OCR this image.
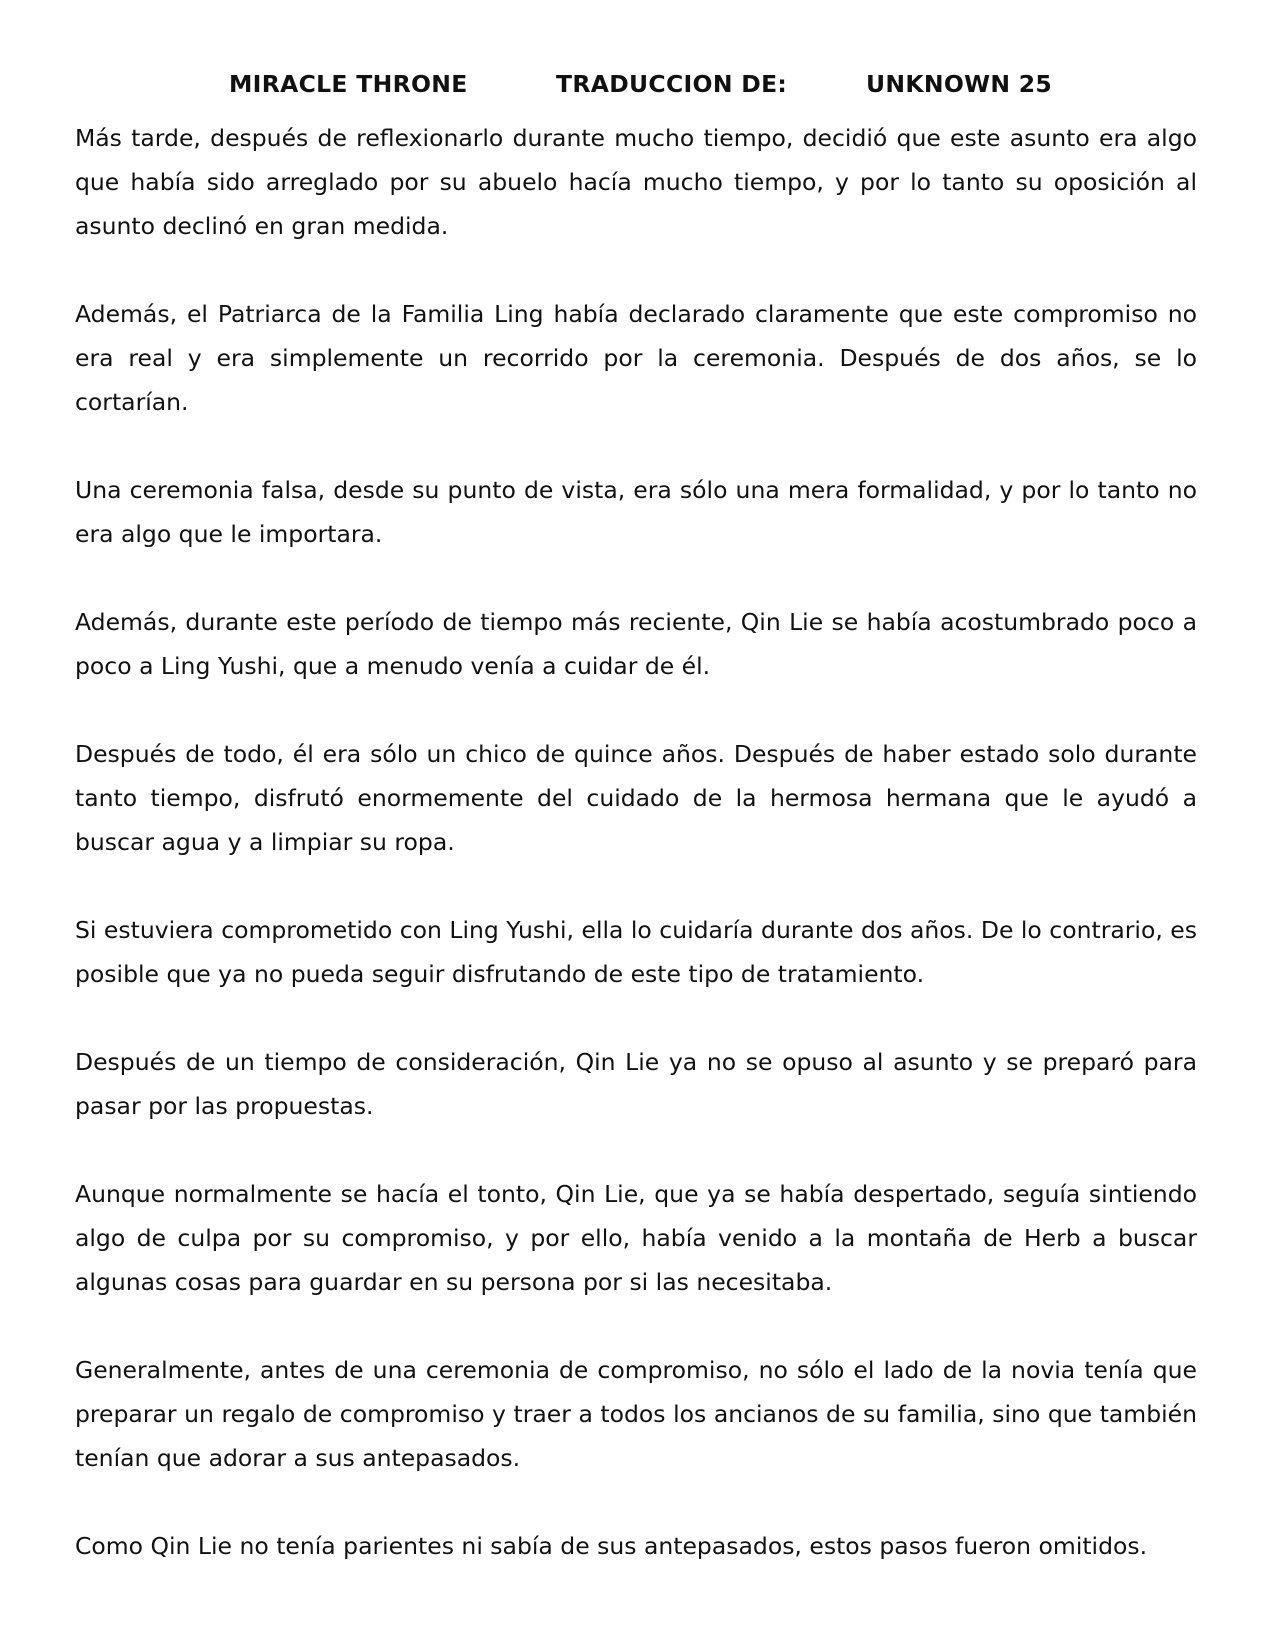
MIRACLE THRONE	TRADUCCION DE:	UNKNOWN 25

Más tarde, después de reflexionarlo durante mucho tiempo, decidió que este asunto era algo que había sido arreglado por su abuelo hacía mucho tiempo, y por lo tanto su oposición al asunto declinó en gran medida.

Además, el Patriarca de la Familia Ling había declarado claramente que este compromiso no era real y era simplemente un recorrido por la ceremonia. Después de dos años, se lo cortarían.

Una ceremonia falsa, desde su punto de vista, era sólo una mera formalidad, y por lo tanto no era algo que le importara.

Además, durante este período de tiempo más reciente, Qin Lie se había acostumbrado poco a poco a Ling Yushi, que a menudo venía a cuidar de él.

Después de todo, él era sólo un chico de quince años. Después de haber estado solo durante tanto tiempo, disfrutó enormemente del cuidado de la hermosa hermana que le ayudó a buscar agua y a limpiar su ropa.

Si estuviera comprometido con Ling Yushi, ella lo cuidaría durante dos años. De lo contrario, es posible que ya no pueda seguir disfrutando de este tipo de tratamiento.

Después de un tiempo de consideración, Qin Lie ya no se opuso al asunto y se preparó para pasar por las propuestas.

Aunque normalmente se hacía el tonto, Qin Lie, que ya se había despertado, seguía sintiendo algo de culpa por su compromiso, y por ello, había venido a la montaña de Herb a buscar algunas cosas para guardar en su persona por si las necesitaba.

Generalmente, antes de una ceremonia de compromiso, no sólo el lado de la novia tenía que preparar un regalo de compromiso y traer a todos los ancianos de su familia, sino que también tenían que adorar a sus antepasados.

Como Qin Lie no tenía parientes ni sabía de sus antepasados, estos pasos fueron omitidos.
